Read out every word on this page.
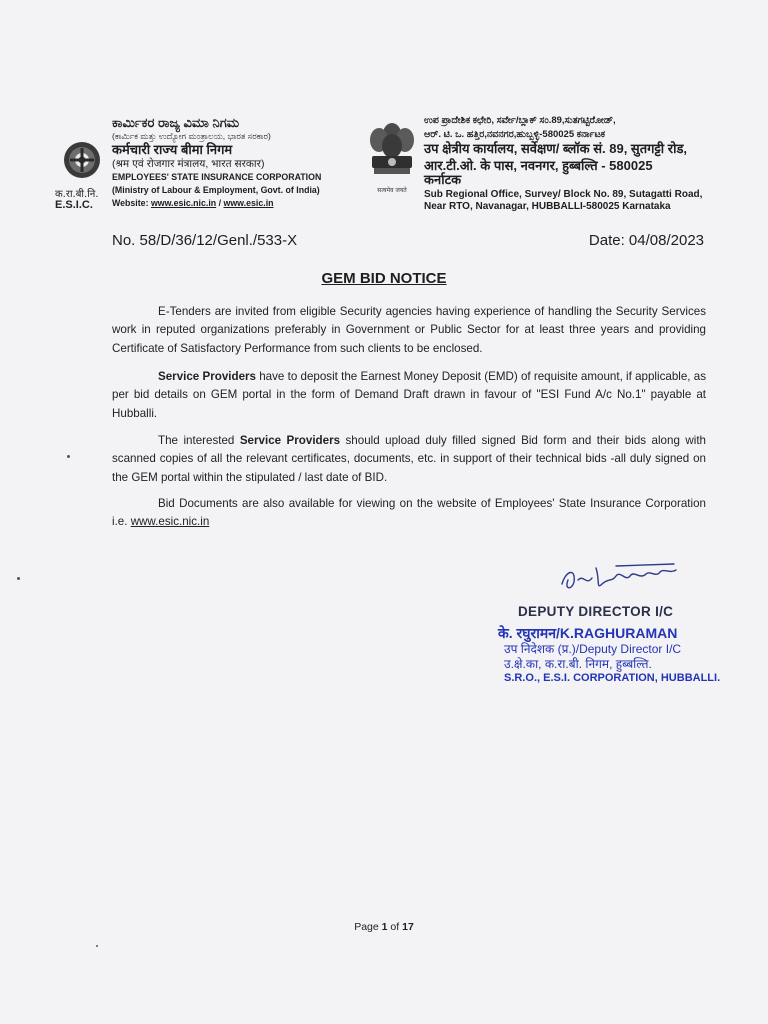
क.रा.बी.नि.
E.S.I.C.
ಕಾರ್ಮಿಕರ ರಾಜ್ಯ ವಿಮಾ ನಿಗಮ
(ಕಾರ್ಮಿಕ ಮತ್ತು ಉದ್ಯೋಗ ಮಂತ್ರಾಲಯ, ಭಾರತ ಸರಕಾರ)
कर्मचारी राज्य बीमा निगम
(श्रम एवं रोजगार मंत्रालय, भारत सरकार)
EMPLOYEES' STATE INSURANCE CORPORATION
(Ministry of Labour & Employment, Govt. of India)
Website: www.esic.nic.in / www.esic.in
सत्यमेव जयते
ಉಪ ಪ್ರಾದೇಶಿಕ ಕಛೇರಿ, ಸರ್ವೇ/ಬ್ಲಾಕ್ ಸಂ.89,ಸುತಗಟ್ಟಿರೋಡ್,
ಆರ್. ಟಿ. ಒ. ಹತ್ತಿರ,ನವನಗರ,ಹುಬ್ಬಳ್ಳಿ-580025 ಕರ್ನಾಟಕ
उप क्षेत्रीय कार्यालय, सर्वेक्षण/ ब्लॉक सं. 89, सुतगट्टी रोड,
आर.टी.ओ. के पास, नवनगर, हुब्बल्ति - 580025
कर्नाटक
Sub Regional Office, Survey/ Block No. 89, Sutagatti Road,
Near RTO, Navanagar, HUBBALLI-580025 Karnataka
No. 58/D/36/12/Genl./533-X	Date: 04/08/2023
GEM BID NOTICE
E-Tenders are invited from eligible Security agencies having experience of handling the Security Services work in reputed organizations preferably in Government or Public Sector for at least three years and providing Certificate of Satisfactory Performance from such clients to be enclosed.
Service Providers have to deposit the Earnest Money Deposit (EMD) of requisite amount, if applicable, as per bid details on GEM portal in the form of Demand Draft drawn in favour of "ESI Fund A/c No.1" payable at Hubballi.
The interested Service Providers should upload duly filled signed Bid form and their bids along with scanned copies of all the relevant certificates, documents, etc. in support of their technical bids -all duly signed on the GEM portal within the stipulated / last date of BID.
Bid Documents are also available for viewing on the website of Employees' State Insurance Corporation i.e. www.esic.nic.in
DEPUTY DIRECTOR I/C
के. रघुरामन/K.RAGHURAMAN
उप निदेशक (प्र.)/Deputy Director I/C
उ.क्षे.का, क.रा.बी. निगम, हुब्बल्ति.
S.R.O., E.S.I. CORPORATION, HUBBALLI.
Page 1 of 17
